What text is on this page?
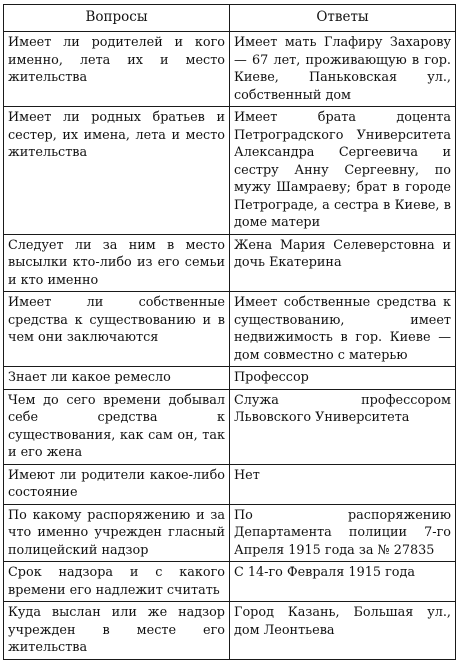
Вопросы	Ответы
Имеет ли родителей и кого именно, лета их и место жительства	Имеет мать Глафиру Захарову — 67 лет, проживающую в гор. Киеве, Паньковская ул., собственный дом
Имеет ли родных братьев и сестер, их имена, лета и место жительства	Имеет брата доцента Петроградского Университета Александра Сергеевича и сестру Анну Сергеевну, по мужу Шамраеву; брат в городе Петрограде, а сестра в Киеве, в доме матери
Следует ли за ним в место высылки кто-либо из его семьи и кто именно	Жена Мария Селеверстовна и дочь Екатерина
Имеет ли собственные средства к существованию и в чем они заключаются	Имеет собственные средства к существованию, имеет недвижимость в гор. Киеве — дом совместно с матерью
Знает ли какое ремесло	Профессор
Чем до сего времени добывал себе средства к существования, как сам он, так и его жена	Служа профессором Львовского Университета
Имеют ли родители какое-либо состояние	Нет
По какому распоряжению и за что именно учрежден гласный полицейский надзор	По распоряжению Департамента полиции 7-го Апреля 1915 года за № 27835
Срок надзора и с какого времени его надлежит считать	С 14-го Февраля 1915 года
Куда выслан или же надзор учрежден в месте его жительства	Город Казань, Большая ул., дом Леонтьева
